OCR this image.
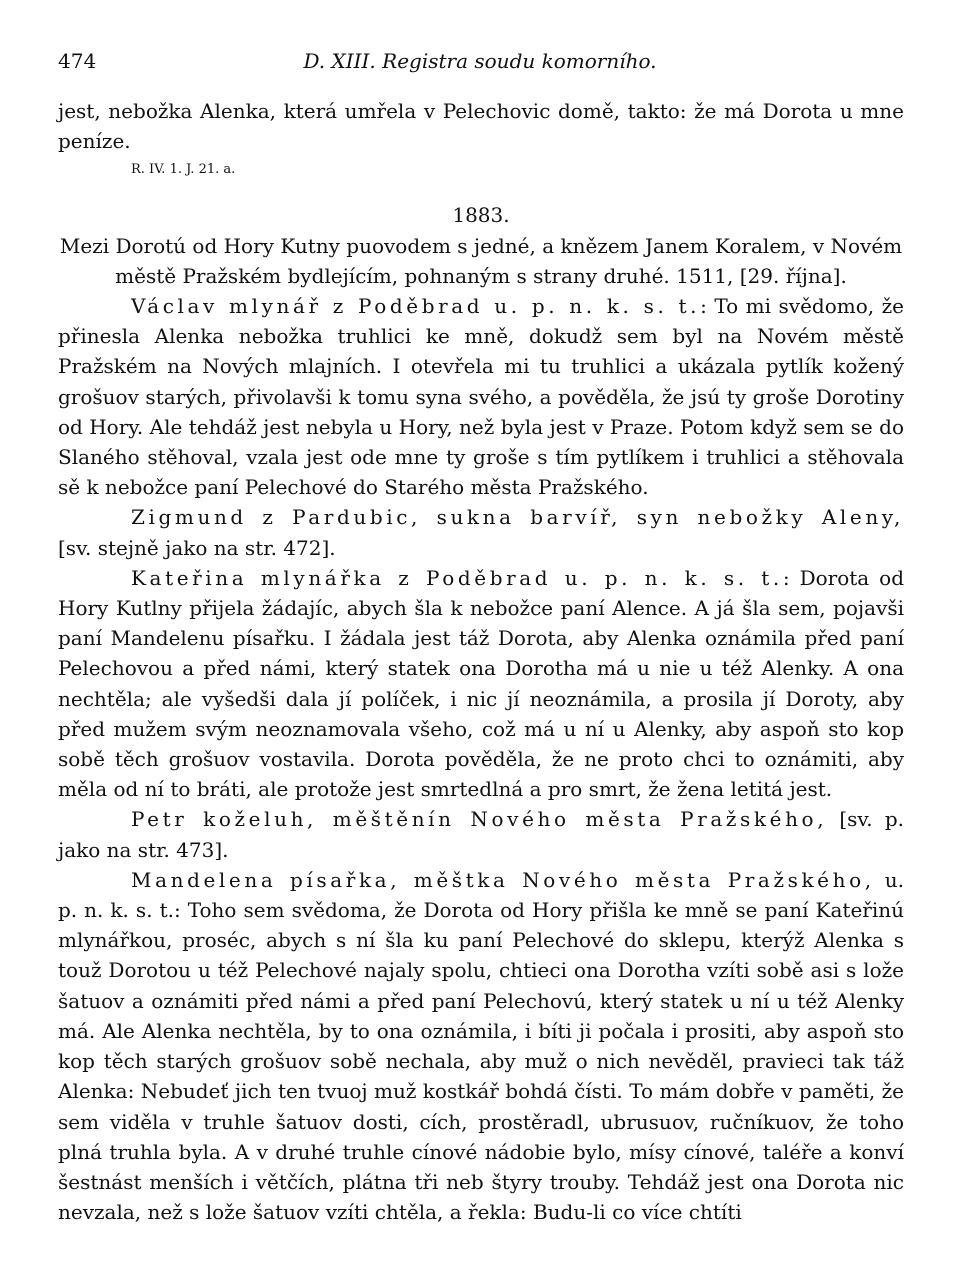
474	D. XIII. Registra soudu komorního.

jest, nebožka Alenka, která umřela v Pelechovic domě, takto: že má Dorota u mne peníze.

R. IV. 1. J. 21. a.

1883.

Mezi Dorotú od Hory Kutny puovodem s jedné, a knězem Janem Koralem, v Novém městě Pražském bydlejícím, pohnaným s strany druhé. 1511, [29. října].

Václav mlynář z Poděbrad u. p. n. k. s. t.: To mi svědomo, že přinesla Alenka nebožka truhlici ke mně, dokudž sem byl na Novém městě Pražském na Nových mlajních. I otevřela mi tu truhlici a ukázala pytlík kožený grošuov starých, přivolavši k tomu syna svého, a pověděla, že jsú ty groše Dorotiny od Hory. Ale tehdáž jest nebyla u Hory, než byla jest v Praze. Potom když sem se do Slaného stěhoval, vzala jest ode mne ty groše s tím pytlíkem i truhlici a stěhovala sě k nebožce paní Pelechové do Starého města Pražského.

Zigmund z Pardubic, sukna barvíř, syn nebožky Aleny, [sv. stejně jako na str. 472].

Kateřina mlynářka z Poděbrad u. p. n. k. s. t.: Dorota od Hory Kutlny přijela žádajíc, abych šla k nebožce paní Alence. A já šla sem, pojavši paní Mandelenu písařku. I žádala jest táž Dorota, aby Alenka oznámila před paní Pelechovou a před námi, který statek ona Dorotha má u nie u též Alenky. A ona nechtěla; ale vyšedši dala jí políček, i nic jí neoznámila, a prosila jí Doroty, aby před mužem svým neoznamovala všeho, což má u ní u Alenky, aby aspoň sto kop sobě těch grošuov vostavila. Dorota pověděla, že ne proto chci to oznámiti, aby měla od ní to bráti, ale protože jest smrtedlná a pro smrt, že žena letitá jest.

Petr koželuh, měštěnín Nového města Pražského, [sv. p. jako na str. 473].

Mandelena písařka, měštka Nového města Pražského, u. p. n. k. s. t.: Toho sem svědoma, že Dorota od Hory přišla ke mně se paní Kateřinú mlynářkou, proséc, abych s ní šla ku paní Pelechové do sklepu, kterýž Alenka s touž Dorotou u též Pelechové najaly spolu, chtieci ona Dorotha vzíti sobě asi s lože šatuov a oznámiti před námi a před paní Pelechovú, který statek u ní u též Alenky má. Ale Alenka nechtěla, by to ona oznámila, i bíti ji počala i prositi, aby aspoň sto kop těch starých grošuov sobě nechala, aby muž o nich nevěděl, pravieci tak táž Alenka: Nebudeť jich ten tvuoj muž kostkář bohdá čísti. To mám dobře v paměti, že sem viděla v truhle šatuov dosti, cích, prostěradl, ubrusuov, ručníkuov, že toho plná truhla byla. A v druhé truhle cínové nádobie bylo, mísy cínové, taléře a konví šestnást menších i větčích, plátna tři neb štyry trouby. Tehdáž jest ona Dorota nic nevzala, než s lože šatuov vzíti chtěla, a řekla: Budu-li co více chtíti
